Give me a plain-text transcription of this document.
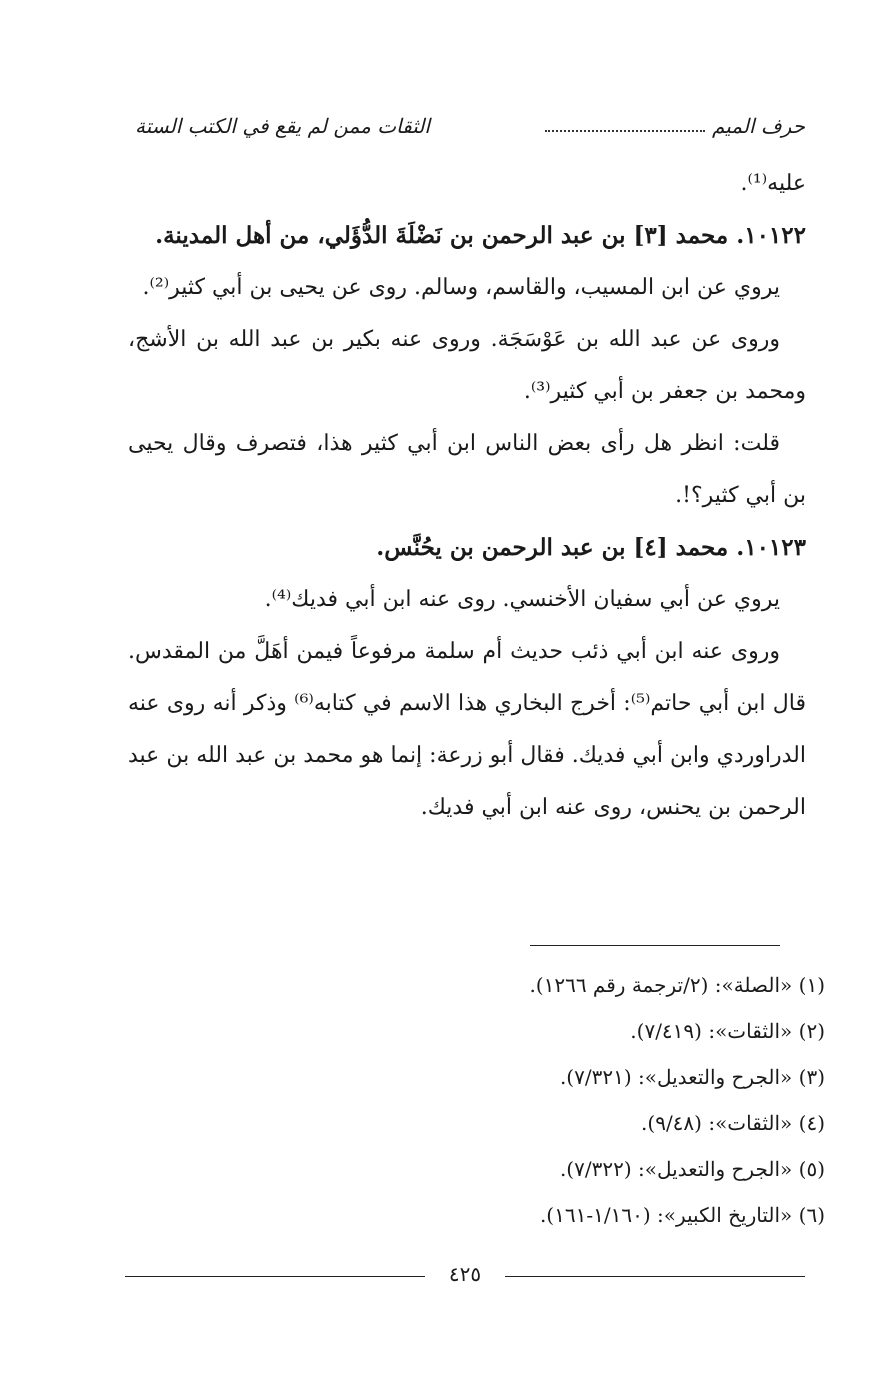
حرف الميم
الثقات ممن لم يقع في الكتب الستة

عليه⁽¹⁾.

١٠١٢٢. محمد [٣] بن عبد الرحمن بن نَضْلَةَ الدُّؤَلي، من أهل المدينة.

يروي عن ابن المسيب، والقاسم، وسالم. روى عن يحيى بن أبي كثير⁽²⁾.

وروى عن عبد الله بن عَوْسَجَة. وروى عنه بكير بن عبد الله بن الأشج، ومحمد بن جعفر بن أبي كثير⁽³⁾.

قلت: انظر هل رأى بعض الناس ابن أبي كثير هذا، فتصرف وقال يحيى بن أبي كثير؟!.

١٠١٢٣. محمد [٤] بن عبد الرحمن بن يحُنَّس.

يروي عن أبي سفيان الأخنسي. روى عنه ابن أبي فديك⁽⁴⁾.

وروى عنه ابن أبي ذئب حديث أم سلمة مرفوعاً فيمن أهَلَّ من المقدس. قال ابن أبي حاتم⁽⁵⁾: أخرج البخاري هذا الاسم في كتابه⁽⁶⁾ وذكر أنه روى عنه الدراوردي وابن أبي فديك. فقال أبو زرعة: إنما هو محمد بن عبد الله بن عبد الرحمن بن يحنس، روى عنه ابن أبي فديك.

(١) «الصلة»: (٢/ترجمة رقم ١٢٦٦).
(٢) «الثقات»: (٧/٤١٩).
(٣) «الجرح والتعديل»: (٧/٣٢١).
(٤) «الثقات»: (٩/٤٨).
(٥) «الجرح والتعديل»: (٧/٣٢٢).
(٦) «التاريخ الكبير»: (١/١٦٠-١٦١).
٤٢٥
